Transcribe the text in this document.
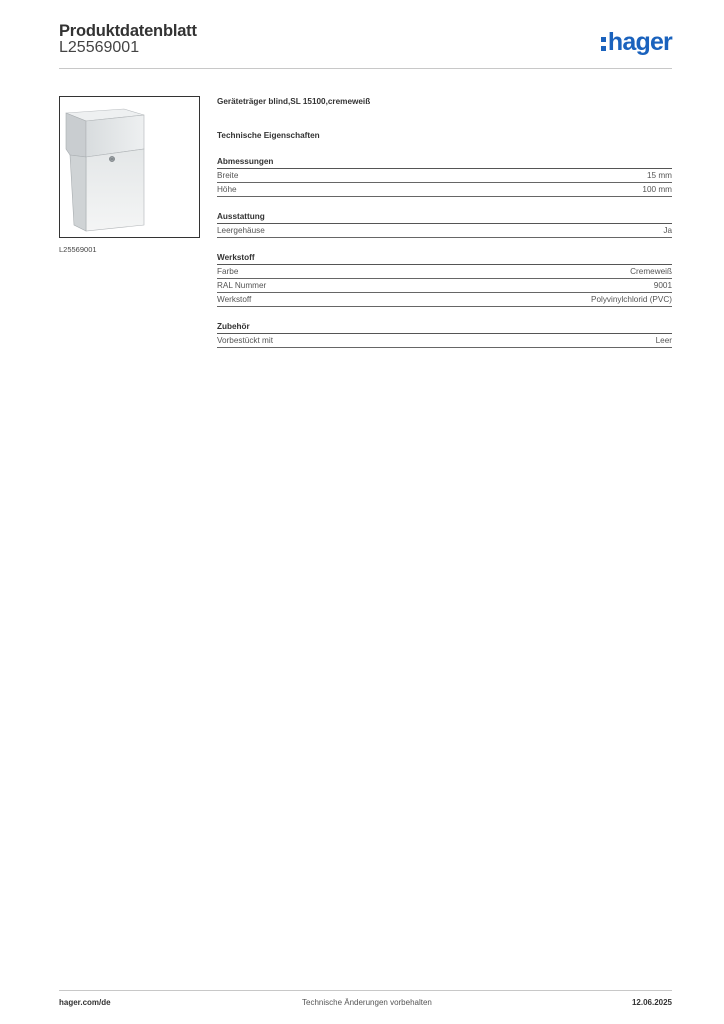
Produktdatenblatt
L25569001	hager
L25569001
Geräteträger blind,SL 15100,cremeweiß
Technische Eigenschaften
Abmessungen
Breite	15 mm
Höhe	100 mm
Ausstattung
Leergehäuse	Ja
Werkstoff
Farbe	Cremeweiß
RAL Nummer	9001
Werkstoff	Polyvinylchlorid (PVC)
Zubehör
Vorbestückt mit	Leer
hager.com/de	Technische Änderungen vorbehalten	12.06.2025
